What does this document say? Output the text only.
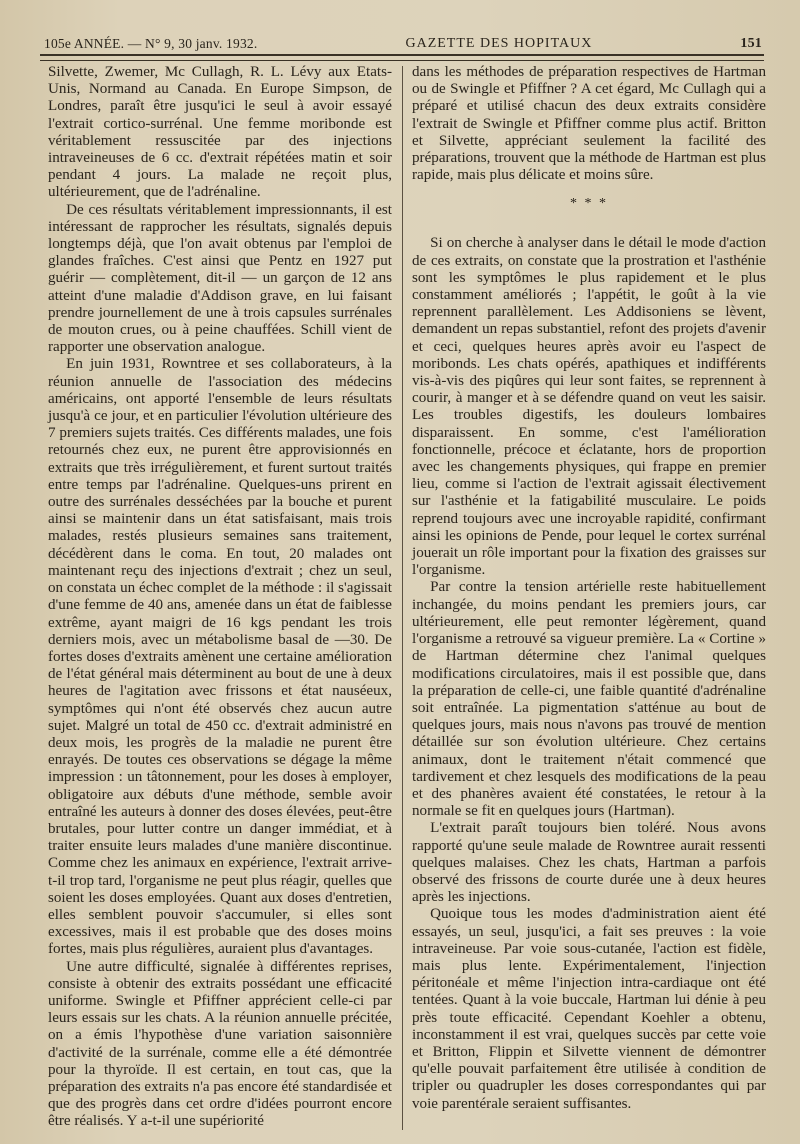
105e ANNÉE. — N° 9, 30 janv. 1932.	GAZETTE DES HOPITAUX	151

Silvette, Zwemer, Mc Cullagh, R. L. Lévy aux Etats-Unis, Normand au Canada. En Europe Simpson, de Londres, paraît être jusqu'ici le seul à avoir essayé l'extrait cortico-surrénal. Une femme moribonde est véritablement ressuscitée par des injections intraveineuses de 6 cc. d'extrait répétées matin et soir pendant 4 jours. La malade ne reçoit plus, ultérieurement, que de l'adrénaline.

De ces résultats véritablement impressionnants, il est intéressant de rapprocher les résultats, signalés depuis longtemps déjà, que l'on avait obtenus par l'emploi de glandes fraîches. C'est ainsi que Pentz en 1927 put guérir — complètement, dit-il — un garçon de 12 ans atteint d'une maladie d'Addison grave, en lui faisant prendre journellement de une à trois capsules surrénales de mouton crues, ou à peine chauffées. Schill vient de rapporter une observation analogue.

En juin 1931, Rowntree et ses collaborateurs, à la réunion annuelle de l'association des médecins américains, ont apporté l'ensemble de leurs résultats jusqu'à ce jour, et en particulier l'évolution ultérieure des 7 premiers sujets traités. Ces différents malades, une fois retournés chez eux, ne purent être approvisionnés en extraits que très irrégulièrement, et furent surtout traités entre temps par l'adrénaline. Quelques-uns prirent en outre des surrénales desséchées par la bouche et purent ainsi se maintenir dans un état satisfaisant, mais trois malades, restés plusieurs semaines sans traitement, décédèrent dans le coma. En tout, 20 malades ont maintenant reçu des injections d'extrait ; chez un seul, on constata un échec complet de la méthode : il s'agissait d'une femme de 40 ans, amenée dans un état de faiblesse extrême, ayant maigri de 16 kgs pendant les trois derniers mois, avec un métabolisme basal de —30. De fortes doses d'extraits amènent une certaine amélioration de l'état général mais déterminent au bout de une à deux heures de l'agitation avec frissons et état nauséeux, symptômes qui n'ont été observés chez aucun autre sujet. Malgré un total de 450 cc. d'extrait administré en deux mois, les progrès de la maladie ne purent être enrayés. De toutes ces observations se dégage la même impression : un tâtonnement, pour les doses à employer, obligatoire aux débuts d'une méthode, semble avoir entraîné les auteurs à donner des doses élevées, peut-être brutales, pour lutter contre un danger immédiat, et à traiter ensuite leurs malades d'une manière discontinue. Comme chez les animaux en expérience, l'extrait arrive-t-il trop tard, l'organisme ne peut plus réagir, quelles que soient les doses employées. Quant aux doses d'entretien, elles semblent pouvoir s'accumuler, si elles sont excessives, mais il est probable que des doses moins fortes, mais plus régulières, auraient plus d'avantages.

Une autre difficulté, signalée à différentes reprises, consiste à obtenir des extraits possédant une efficacité uniforme. Swingle et Pfiffner apprécient celle-ci par leurs essais sur les chats. A la réunion annuelle précitée, on a émis l'hypothèse d'une variation saisonnière d'activité de la surrénale, comme elle a été démontrée pour la thyroïde. Il est certain, en tout cas, que la préparation des extraits n'a pas encore été standardisée et que des progrès dans cet ordre d'idées pourront encore être réalisés. Y a-t-il une supériorité

dans les méthodes de préparation respectives de Hartman ou de Swingle et Pfiffner ? A cet égard, Mc Cullagh qui a préparé et utilisé chacun des deux extraits considère l'extrait de Swingle et Pfiffner comme plus actif. Britton et Silvette, appréciant seulement la facilité des préparations, trouvent que la méthode de Hartman est plus rapide, mais plus délicate et moins sûre.

* * *

Si on cherche à analyser dans le détail le mode d'action de ces extraits, on constate que la prostration et l'asthénie sont les symptômes le plus rapidement et le plus constamment améliorés ; l'appétit, le goût à la vie reprennent parallèlement. Les Addisoniens se lèvent, demandent un repas substantiel, refont des projets d'avenir et ceci, quelques heures après avoir eu l'aspect de moribonds. Les chats opérés, apathiques et indifférents vis-à-vis des piqûres qui leur sont faites, se reprennent à courir, à manger et à se défendre quand on veut les saisir. Les troubles digestifs, les douleurs lombaires disparaissent. En somme, c'est l'amélioration fonctionnelle, précoce et éclatante, hors de proportion avec les changements physiques, qui frappe en premier lieu, comme si l'action de l'extrait agissait électivement sur l'asthénie et la fatigabilité musculaire. Le poids reprend toujours avec une incroyable rapidité, confirmant ainsi les opinions de Pende, pour lequel le cortex surrénal jouerait un rôle important pour la fixation des graisses sur l'organisme.

Par contre la tension artérielle reste habituellement inchangée, du moins pendant les premiers jours, car ultérieurement, elle peut remonter légèrement, quand l'organisme a retrouvé sa vigueur première. La « Cortine » de Hartman détermine chez l'animal quelques modifications circulatoires, mais il est possible que, dans la préparation de celle-ci, une faible quantité d'adrénaline soit entraînée. La pigmentation s'atténue au bout de quelques jours, mais nous n'avons pas trouvé de mention détaillée sur son évolution ultérieure. Chez certains animaux, dont le traitement n'était commencé que tardivement et chez lesquels des modifications de la peau et des phanères avaient été constatées, le retour à la normale se fit en quelques jours (Hartman).

L'extrait paraît toujours bien toléré. Nous avons rapporté qu'une seule malade de Rowntree aurait ressenti quelques malaises. Chez les chats, Hartman a parfois observé des frissons de courte durée une à deux heures après les injections.

Quoique tous les modes d'administration aient été essayés, un seul, jusqu'ici, a fait ses preuves : la voie intraveineuse. Par voie sous-cutanée, l'action est fidèle, mais plus lente. Expérimentalement, l'injection péritonéale et même l'injection intra-cardiaque ont été tentées. Quant à la voie buccale, Hartman lui dénie à peu près toute efficacité. Cependant Koehler a obtenu, inconstamment il est vrai, quelques succès par cette voie et Britton, Flippin et Silvette viennent de démontrer qu'elle pouvait parfaitement être utilisée à condition de tripler ou quadrupler les doses correspondantes qui par voie parentérale seraient suffisantes.
